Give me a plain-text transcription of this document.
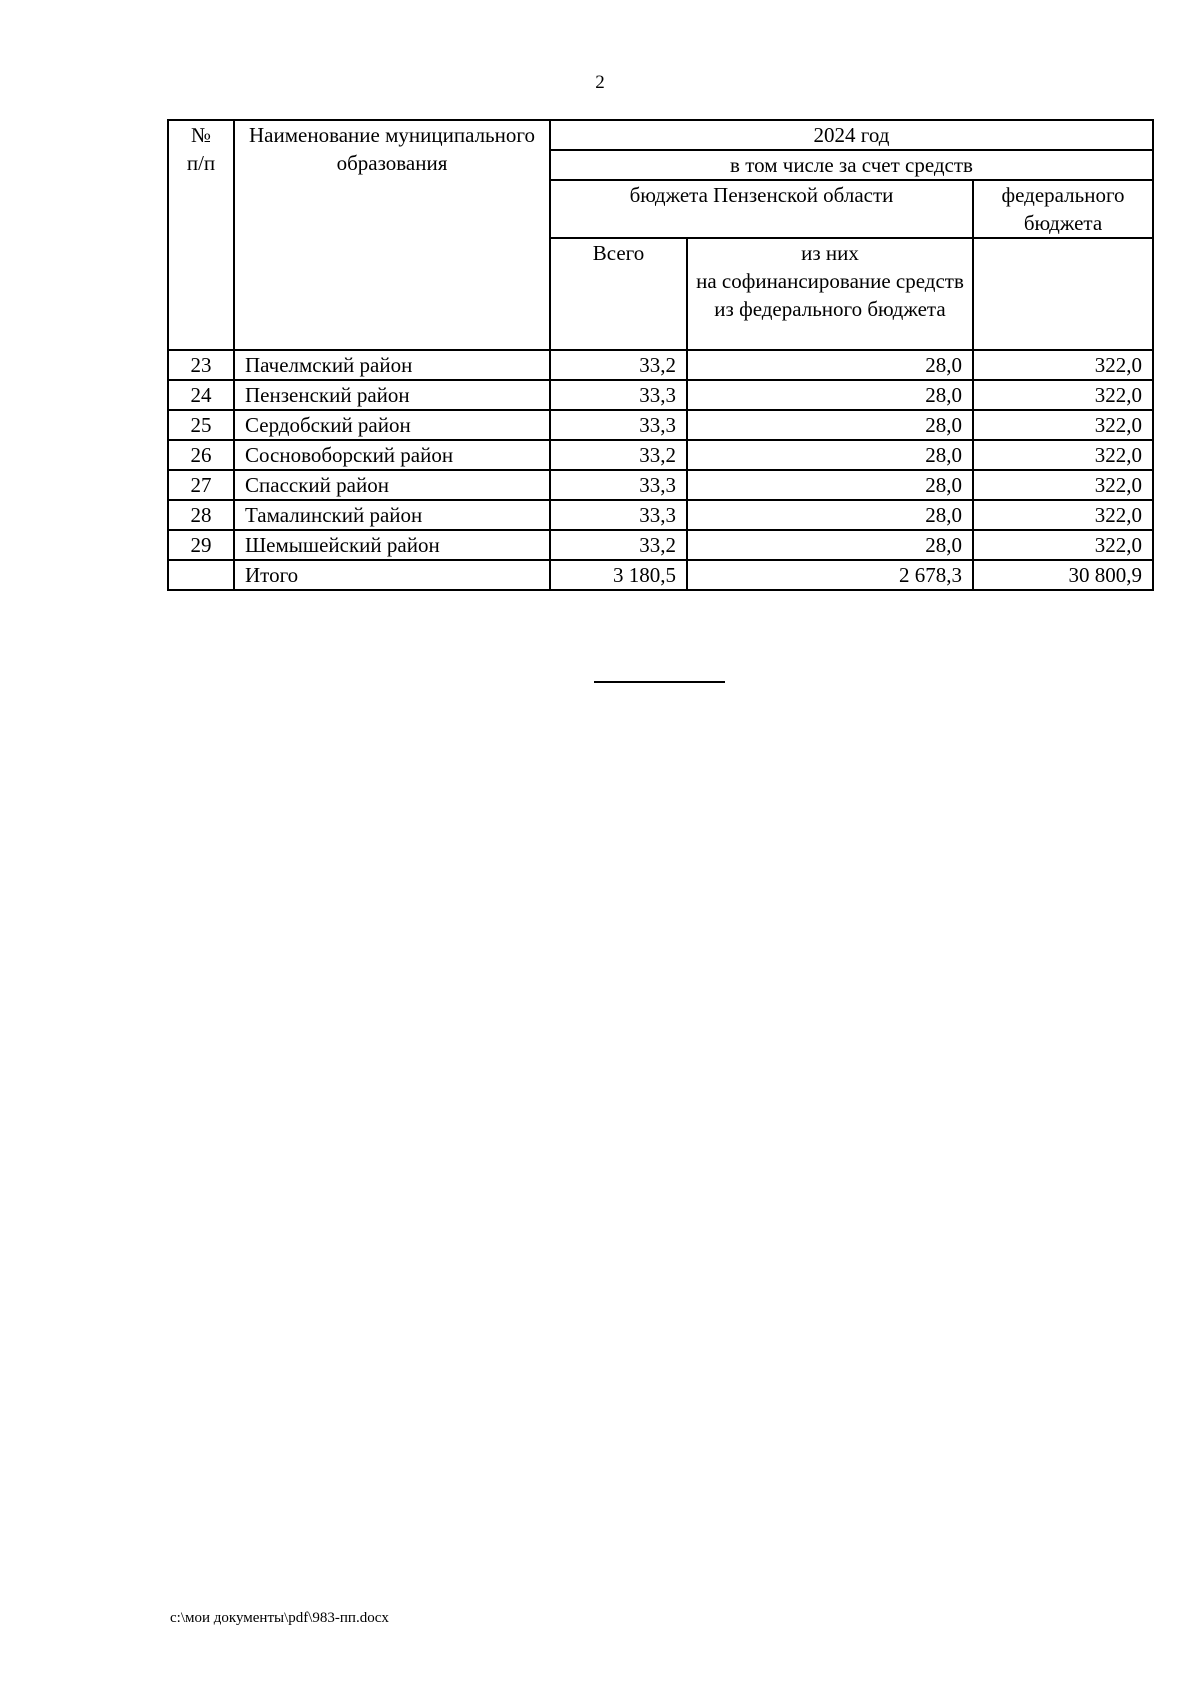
2
№
п/п	Наименование муниципального образования	2024 год		
		в том числе за счет средств		
		бюджета Пензенской области		федерального бюджета
		Всего	из них
на софинансирование средств из федерального бюджета	
23	Пачелмский район	33,2	28,0	322,0
24	Пензенский район	33,3	28,0	322,0
25	Сердобский район	33,3	28,0	322,0
26	Сосновоборский район	33,2	28,0	322,0
27	Спасский район	33,3	28,0	322,0
28	Тамалинский район	33,3	28,0	322,0
29	Шемышейский район	33,2	28,0	322,0
	Итого	3 180,5	2 678,3	30 800,9
c:\мои документы\pdf\983-пп.docx
